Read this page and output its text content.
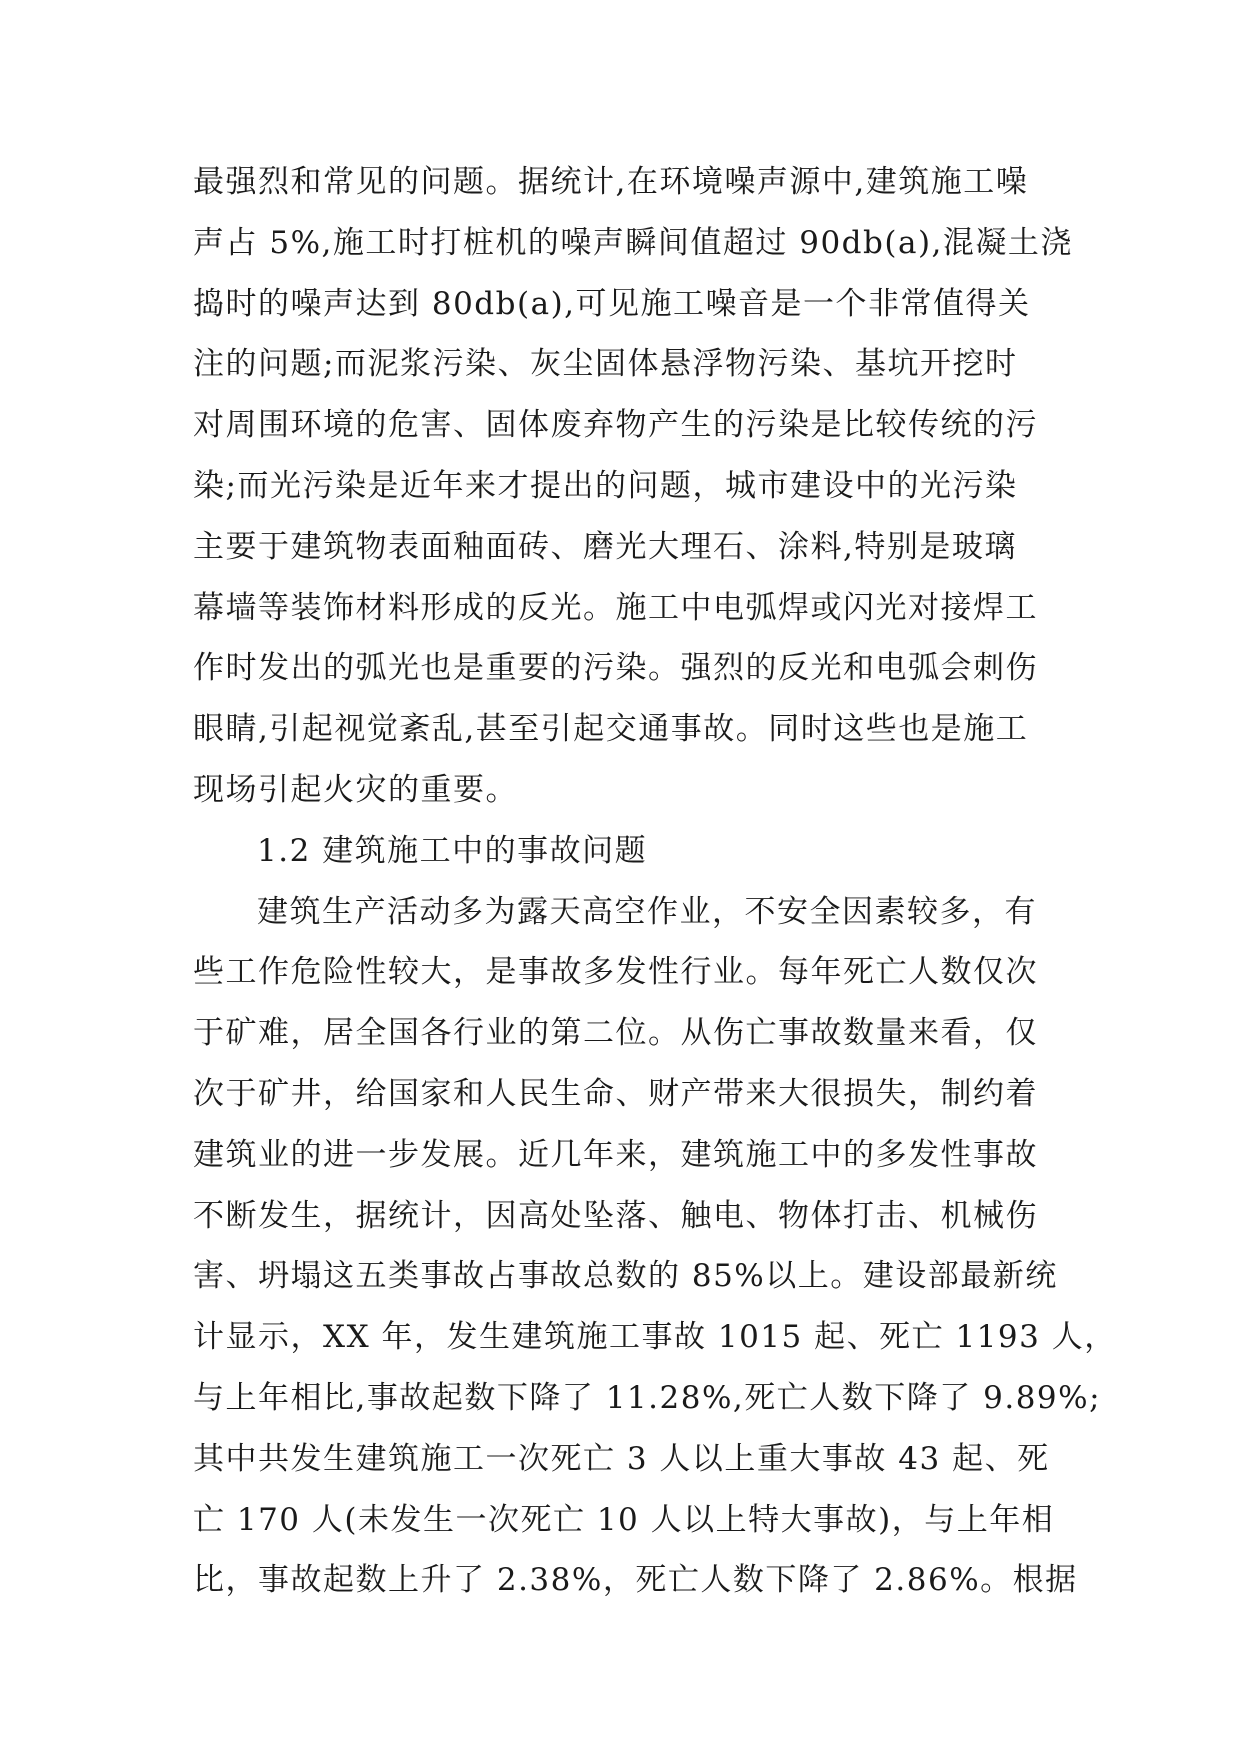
最强烈和常见的问题。据统计,在环境噪声源中,建筑施工噪
声占 5%,施工时打桩机的噪声瞬间值超过 90db(a),混凝土浇
捣时的噪声达到 80db(a),可见施工噪音是一个非常值得关
注的问题;而泥浆污染、灰尘固体悬浮物污染、基坑开挖时
对周围环境的危害、固体废弃物产生的污染是比较传统的污
染;而光污染是近年来才提出的问题，城市建设中的光污染
主要于建筑物表面釉面砖、磨光大理石、涂料,特别是玻璃
幕墙等装饰材料形成的反光。施工中电弧焊或闪光对接焊工
作时发出的弧光也是重要的污染。强烈的反光和电弧会刺伤
眼睛,引起视觉紊乱,甚至引起交通事故。同时这些也是施工
现场引起火灾的重要。
1.2 建筑施工中的事故问题
建筑生产活动多为露天高空作业，不安全因素较多，有
些工作危险性较大，是事故多发性行业。每年死亡人数仅次
于矿难，居全国各行业的第二位。从伤亡事故数量来看，仅
次于矿井，给国家和人民生命、财产带来大很损失，制约着
建筑业的进一步发展。近几年来，建筑施工中的多发性事故
不断发生，据统计，因高处坠落、触电、物体打击、机械伤
害、坍塌这五类事故占事故总数的 85%以上。建设部最新统
计显示，XX 年，发生建筑施工事故 1015 起、死亡 1193 人，
与上年相比,事故起数下降了 11.28%,死亡人数下降了 9.89%;
其中共发生建筑施工一次死亡 3 人以上重大事故 43 起、死
亡 170 人(未发生一次死亡 10 人以上特大事故)，与上年相
比，事故起数上升了 2.38%，死亡人数下降了 2.86%。根据
